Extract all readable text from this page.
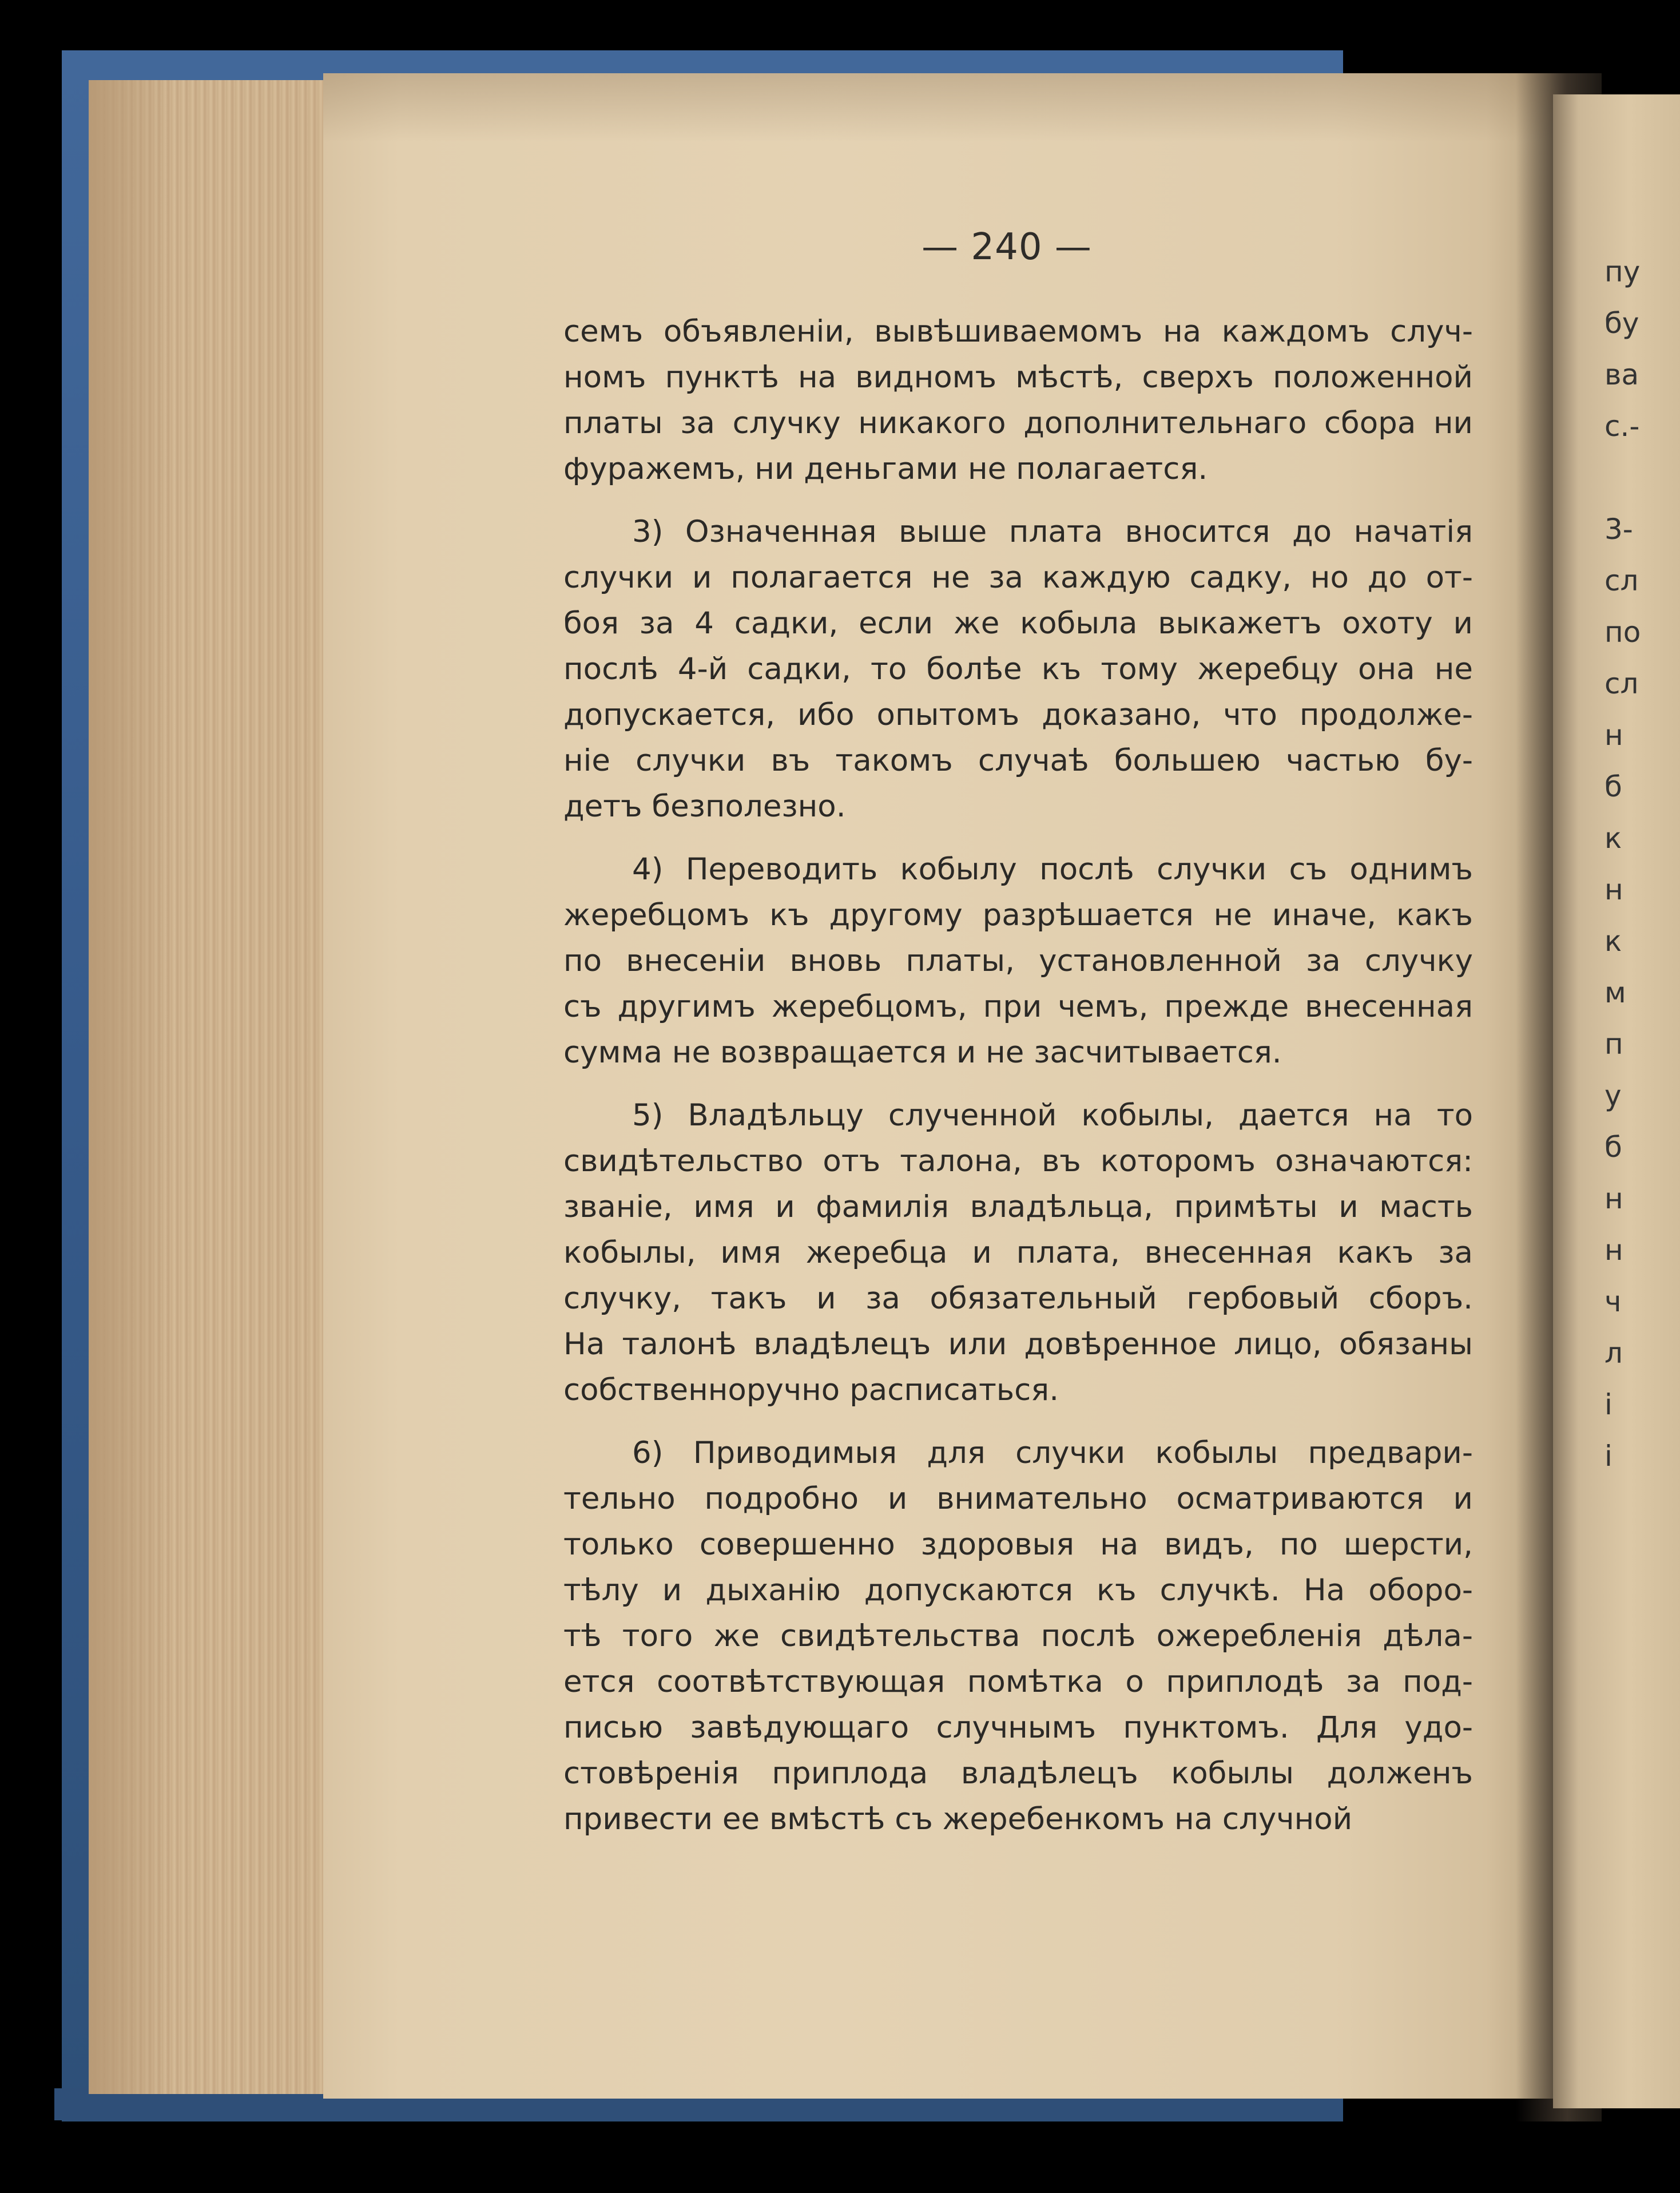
пу
бу
ва
с.-
3-
сл
по
сл
н
б
к
н
к
м
п
у
б
н
н
ч
л
і
і
— 240 —
семъ объявленіи, вывѣшиваемомъ на каждомъ случ-
номъ пунктѣ на видномъ мѣстѣ, сверхъ положенной
платы за случку никакого дополнительнаго сбора ни
фуражемъ, ни деньгами не полагается.
3) Означенная выше плата вносится до начатія
случки и полагается не за каждую садку, но до от-
боя за 4 садки, если же кобыла выкажетъ охоту и
послѣ 4-й садки, то болѣе къ тому жеребцу она не
допускается, ибо опытомъ доказано, что продолже-
ніе случки въ такомъ случаѣ большею частью бу-
детъ безполезно.
4) Переводить кобылу послѣ случки съ однимъ
жеребцомъ къ другому разрѣшается не иначе, какъ
по внесеніи вновь платы, установленной за случку
съ другимъ жеребцомъ, при чемъ, прежде внесенная
сумма не возвращается и не засчитывается.
5) Владѣльцу слученной кобылы, дается на то
свидѣтельство отъ талона, въ которомъ означаются:
званіе, имя и фамилія владѣльца, примѣты и масть
кобылы, имя жеребца и плата, внесенная какъ за
случку, такъ и за обязательный гербовый сборъ.
На талонѣ владѣлецъ или довѣренное лицо, обязаны
собственноручно расписаться.
6) Приводимыя для случки кобылы предвари-
тельно подробно и внимательно осматриваются и
только совершенно здоровыя на видъ, по шерсти,
тѣлу и дыханію допускаются къ случкѣ. На оборо-
тѣ того же свидѣтельства послѣ ожеребленія дѣла-
ется соотвѣтствующая помѣтка о приплодѣ за под-
писью завѣдующаго случнымъ пунктомъ. Для удо-
стовѣренія приплода владѣлецъ кобылы долженъ
привести ее вмѣстѣ съ жеребенкомъ на случной
